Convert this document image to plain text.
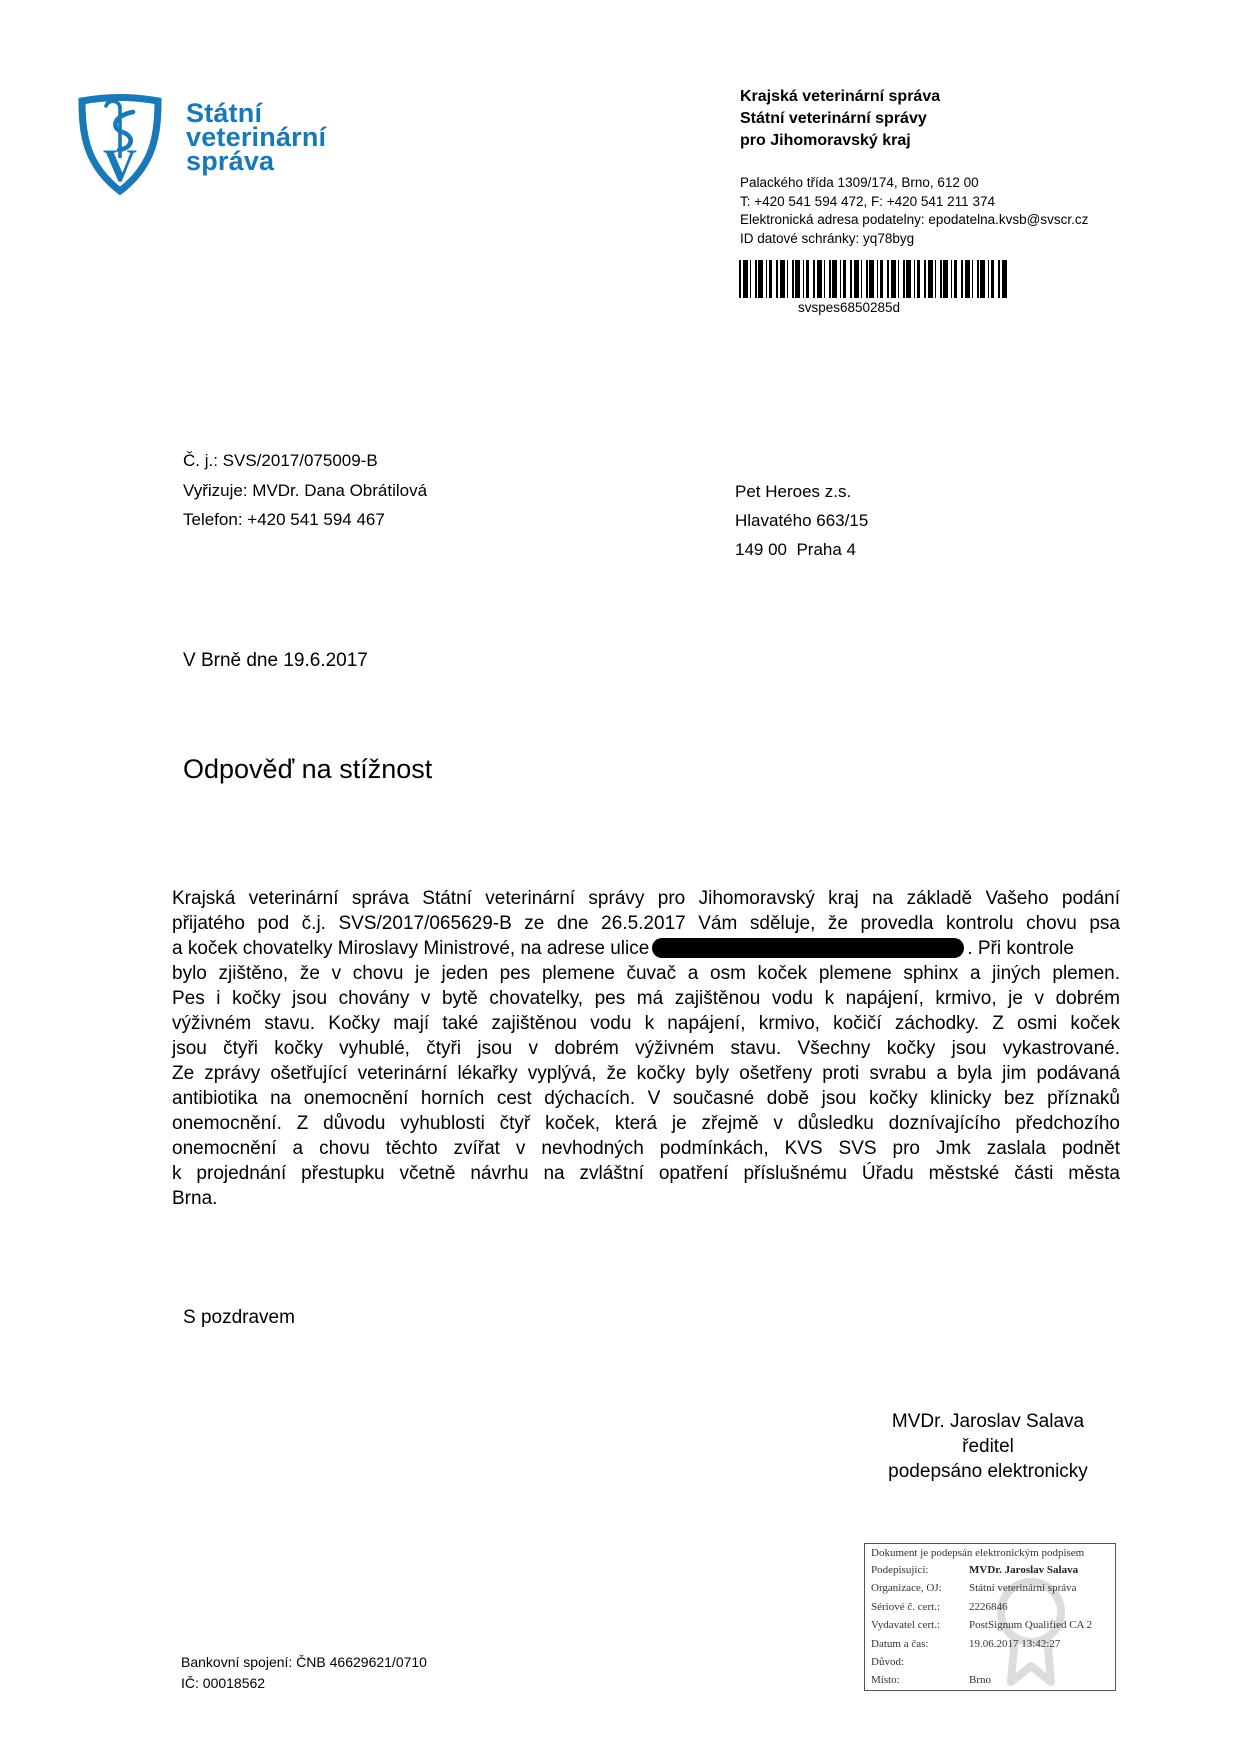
V
Státní
veterinární
správa
Krajská veterinární správa
Státní veterinární správy
pro Jihomoravský kraj
Palackého třída 1309/174, Brno, 612 00
T: +420 541 594 472, F: +420 541 211 374
Elektronická adresa podatelny: epodatelna.kvsb@svscr.cz
ID datové schránky: yq78byg
svspes6850285d
Č. j.: SVS/2017/075009-B
Vyřizuje: MVDr. Dana Obrátilová
Telefon: +420 541 594 467
Pet Heroes z.s.
Hlavatého 663/15
149 00  Praha 4
V Brně dne 19.6.2017
Odpověď na stížnost
Krajská veterinární správa Státní veterinární správy pro Jihomoravský kraj na základě Vašeho podání
přijatého pod č.j. SVS/2017/065629-B ze dne 26.5.2017 Vám sděluje, že provedla kontrolu chovu psa
a koček chovatelky Miroslavy Ministrové, na adrese ulice	. Při kontrole
bylo zjištěno, že v chovu je jeden pes plemene čuvač a osm koček plemene sphinx a jiných plemen.
Pes i kočky jsou chovány v bytě chovatelky, pes má zajištěnou vodu k napájení, krmivo, je v dobrém
výživném stavu. Kočky mají také zajištěnou vodu k napájení, krmivo, kočičí záchodky. Z osmi koček
jsou čtyři kočky vyhublé, čtyři jsou v dobrém výživném stavu. Všechny kočky jsou vykastrované.
Ze zprávy ošetřující veterinární lékařky vyplývá, že kočky byly ošetřeny proti svrabu a byla jim podávaná
antibiotika na onemocnění horních cest dýchacích. V současné době jsou kočky klinicky bez příznaků
onemocnění. Z důvodu vyhublosti čtyř koček, která je zřejmě v důsledku doznívajícího předchozího
onemocnění a chovu těchto zvířat v nevhodných podmínkách, KVS SVS pro Jmk zaslala podnět
k projednání přestupku včetně návrhu na zvláštní opatření příslušnému Úřadu městské části města
Brna.
S pozdravem
MVDr. Jaroslav Salava
ředitel
podepsáno elektronicky
Dokument je podepsán elektronickým podpisem
Podepisující:	MVDr. Jaroslav Salava
Organizace, OJ:	Státní veterinární správa
Sériové č. cert.:	2226846
Vydavatel cert.:	PostSignum Qualified CA 2
Datum a čas:	19.06.2017 13:42:27
Důvod:
Místo:	Brno
Bankovní spojení: ČNB 46629621/0710
IČ: 00018562
